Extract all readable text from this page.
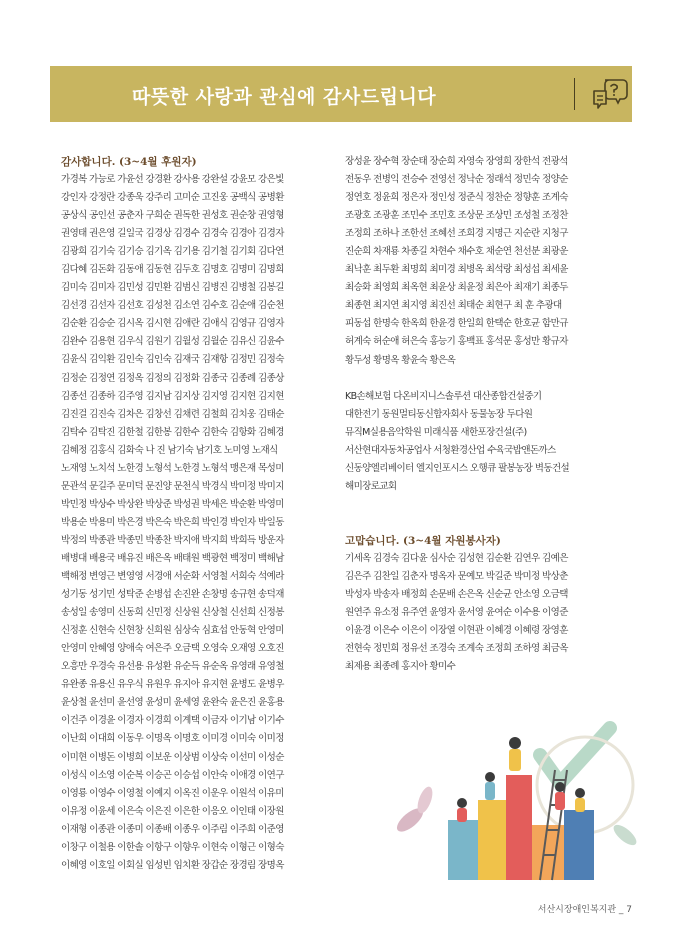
따뜻한 사랑과 관심에 감사드립니다
감사합니다. (3~4월 후원자)
가경복 가능로 가윤선 강경환 강사용 강완설 강윤모 강은빛
강인자 강정란 강종욱 강주리 고미순 고진웅 공백식 공병환
공상식 공인선 공춘자 구희순 권독한 권성호 권순창 권영형
권영태 권은영 길일국 김경상 김경수 김경숙 김경아 김경자
김광희 김기숙 김기승 김기옥 김기용 김기철 김기회 김다연
김다혜 김돈화 김동애 김동현 김두호 김명호 김명미 김명희
김미숙 김미자 김민성 김민환 김범신 김병진 김병철 김봉길
김선경 김선자 김선호 김성천 김소연 김수호 김순애 김순천
김순환 김승순 김시옥 김시현 김애란 김애식 김영규 김영자
김완수 김용현 김우식 김원기 김월성 김월순 김유신 김윤수
김윤식 김익환 김인숙 김인숙 김재국 김재항 김정민 김정숙
김정순 김정연 김정옥 김정의 김정화 김종국 김종례 김종상
김종선 김종하 김주영 김지남 김지상 김지영 김지현 김지현
김진걸 김진숙 김차은 김창선 김채련 김철희 김치웅 김태순
김탁수 김탁진 김한철 김한봉 김한수 김한숙 김항화 김혜경
김혜정 김홍식 김화숙 나 진 남기숙 남기호 노미영 노재식
노재영 노치석 노한경 노형석 노한경 노형석 맹은재 목성미
문관석 문길주 문미덕 문진양 문천식 박경식 박미정 박미지
박민정 박상수 박상완 박상준 박성권 박세은 박순환 박영미
박용순 박용미 박은경 박은숙 박은희 박인경 박인자 박일동
박정의 박종관 박종민 박종찬 박지애 박지희 박희득 방운자
배병대 배용국 배유진 배은옥 배태원 백광현 백정미 백해남
백해정 변영근 변영영 서경애 서순화 서영철 서희숙 석예라
성기동 성기민 성탁준 손병섭 손진완 손창명 송규현 송덕재
송성일 송영미 신동희 신민정 신상원 신상철 신선희 신정봉
신정훈 신현숙 신현창 신희원 심상숙 심효섭 안동혁 안영미
안영미 안혜영 양애숙 여은주 오금택 오영숙 오재영 오호진
오흥만 우경숙 유선용 유성환 유순득 유순옥 유영래 유영철
유완종 유용신 유우식 유원우 유지아 유지현 윤병도 윤병우
윤상철 윤선미 윤선영 윤성미 윤세영 윤완숙 윤은진 윤홍용
이건주 이경윤 이경자 이경희 이계택 이금자 이기남 이기수
이난희 이대희 이동우 이명옥 이명호 이미경 이미숙 이미정
이미현 이병돈 이병희 이보운 이상범 이상숙 이선미 이성순
이성식 이소영 이순복 이승곤 이승섭 이안숙 이애경 이연구
이영룡 이영수 이영철 이예지 이옥진 이운우 이원석 이유미
이유정 이윤세 이은숙 이은진 이은한 이응오 이인태 이장원
이재형 이종관 이종미 이종배 이종우 이주림 이주희 이준영
이창구 이철용 이한솔 이항구 이향우 이현숙 이형근 이형숙
이혜영 이호일 이회실 임성빈 임치환 장갑순 장경림 장명옥
장성윤 장수혁 장순태 장순희 자영숙 장영희 장한석 전광석
전동우 전병익 전승수 전영선 정낙순 정래석 정민숙 정양순
정연호 정윤희 정은자 정인성 정준식 정찬순 정향훈 조계숙
조광호 조광훈 조민수 조민호 조상문 조상민 조성철 조정찬
조정희 조하나 조한선 조혜선 조희경 지명근 지순란 지청구
진순희 차재룡 차종길 차현수 채수호 채순연 천선분 최광운
최낙훈 최두환 최명희 최미경 최병옥 최석랑 최성섭 최세윤
최승화 최영희 최옥현 최윤상 최윤정 최은아 최재기 최종두
최종현 최지연 최지영 최진선 최태순 최현구 최 훈 추광대
피동섭 한명숙 한옥희 한윤경 한일희 한택순 한호균 함만규
허계숙 허순애 허은숙 홍능기 홍백표 홍석문 홍성만 황규자
황두성 황명옥 황윤숙 황은옥
KB손해보험 다온비지니스솔루션 대산종합건설중기
대한전기 동원멀티동신합자회사 동물농장 두다원
뮤직M실용음악학원 미래식품 새한포장건설(주)
서산현대자동차공업사 서청환경산업 수육국밥앤돈까스
신동양엘리베이터 엘지인포시스 오행큐 팔봉농장 벽동건설
해미장로교회
고맙습니다. (3~4월 자원봉사자)
기세옥 김경숙 김다윤 심사순 김성현 김순환 김연우 김예은
김은주 김찬일 김춘자 명옥자 문예모 박길준 박미정 박상춘
박성자 박송자 배정희 손문배 손은옥 신순균 안소영 오금택
원연주 유소정 유주연 윤영자 윤서영 윤여순 이수용 이영준
이윤경 이은수 이은이 이장열 이현관 이혜경 이혜령 장영훈
전현숙 정민희 정유선 조경숙 조계숙 조정희 조하영 최금옥
최제용 최종례 홍지아 황미수
서산시장애인복지관 _ 7
